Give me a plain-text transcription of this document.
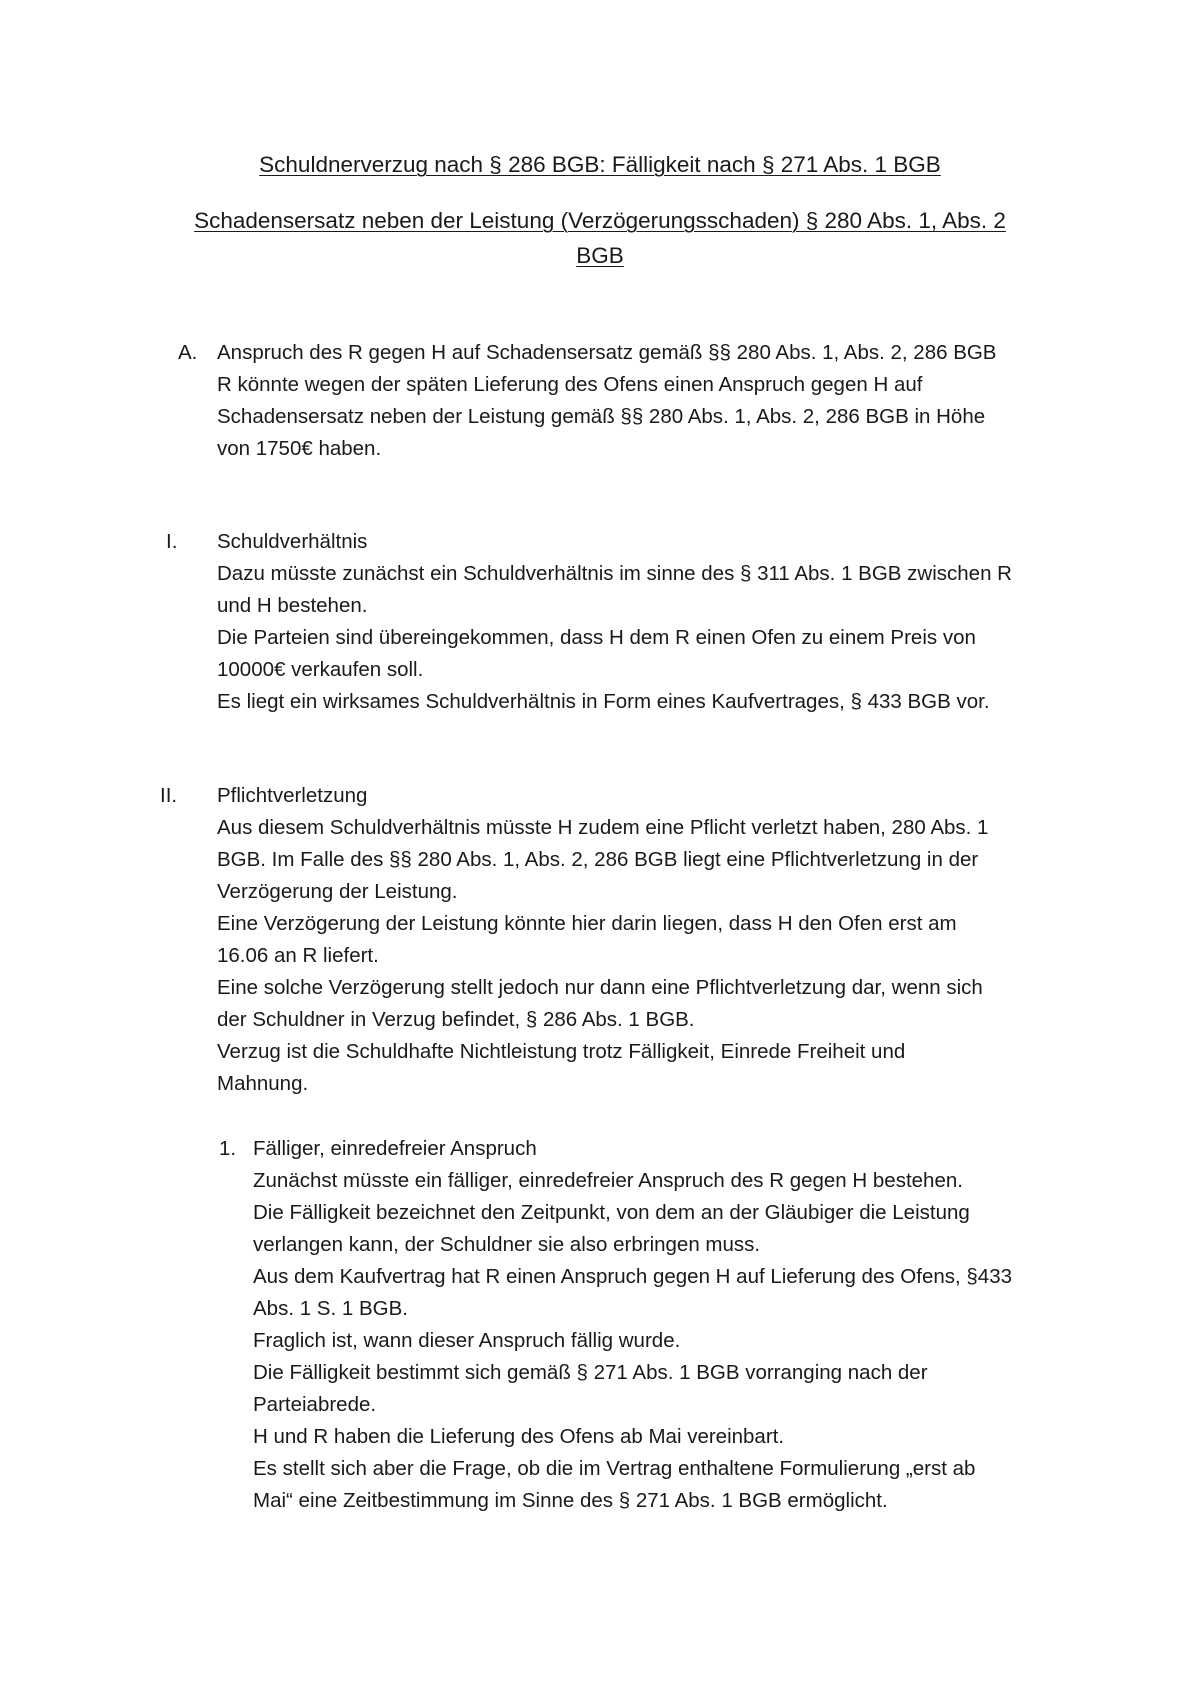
Schuldnerverzug nach § 286 BGB: Fälligkeit nach § 271 Abs. 1 BGB
Schadensersatz neben der Leistung (Verzögerungsschaden) § 280 Abs. 1, Abs. 2
BGB
A. Anspruch des R gegen H auf Schadensersatz gemäß §§ 280 Abs. 1, Abs. 2, 286 BGB
R könnte wegen der späten Lieferung des Ofens einen Anspruch gegen H auf
Schadensersatz neben der Leistung gemäß §§ 280 Abs. 1, Abs. 2, 286 BGB in Höhe
von 1750€ haben.
I. Schuldverhältnis
Dazu müsste zunächst ein Schuldverhältnis im sinne des § 311 Abs. 1 BGB zwischen R
und H bestehen.
Die Parteien sind übereingekommen, dass H dem R einen Ofen zu einem Preis von
10000€ verkaufen soll.
Es liegt ein wirksames Schuldverhältnis in Form eines Kaufvertrages, § 433 BGB vor.
II. Pflichtverletzung
Aus diesem Schuldverhältnis müsste H zudem eine Pflicht verletzt haben, 280 Abs. 1
BGB. Im Falle des §§ 280 Abs. 1, Abs. 2, 286 BGB liegt eine Pflichtverletzung in der
Verzögerung der Leistung.
Eine Verzögerung der Leistung könnte hier darin liegen, dass H den Ofen erst am
16.06 an R liefert.
Eine solche Verzögerung stellt jedoch nur dann eine Pflichtverletzung dar, wenn sich
der Schuldner in Verzug befindet, § 286 Abs. 1 BGB.
Verzug ist die Schuldhafte Nichtleistung trotz Fälligkeit, Einrede Freiheit und
Mahnung.
1. Fälliger, einredefreier Anspruch
Zunächst müsste ein fälliger, einredefreier Anspruch des R gegen H bestehen.
Die Fälligkeit bezeichnet den Zeitpunkt, von dem an der Gläubiger die Leistung
verlangen kann, der Schuldner sie also erbringen muss.
Aus dem Kaufvertrag hat R einen Anspruch gegen H auf Lieferung des Ofens, §433
Abs. 1 S. 1 BGB.
Fraglich ist, wann dieser Anspruch fällig wurde.
Die Fälligkeit bestimmt sich gemäß § 271 Abs. 1 BGB vorranging nach der
Parteiabrede.
H und R haben die Lieferung des Ofens ab Mai vereinbart.
Es stellt sich aber die Frage, ob die im Vertrag enthaltene Formulierung „erst ab
Mai“ eine Zeitbestimmung im Sinne des § 271 Abs. 1 BGB ermöglicht.
